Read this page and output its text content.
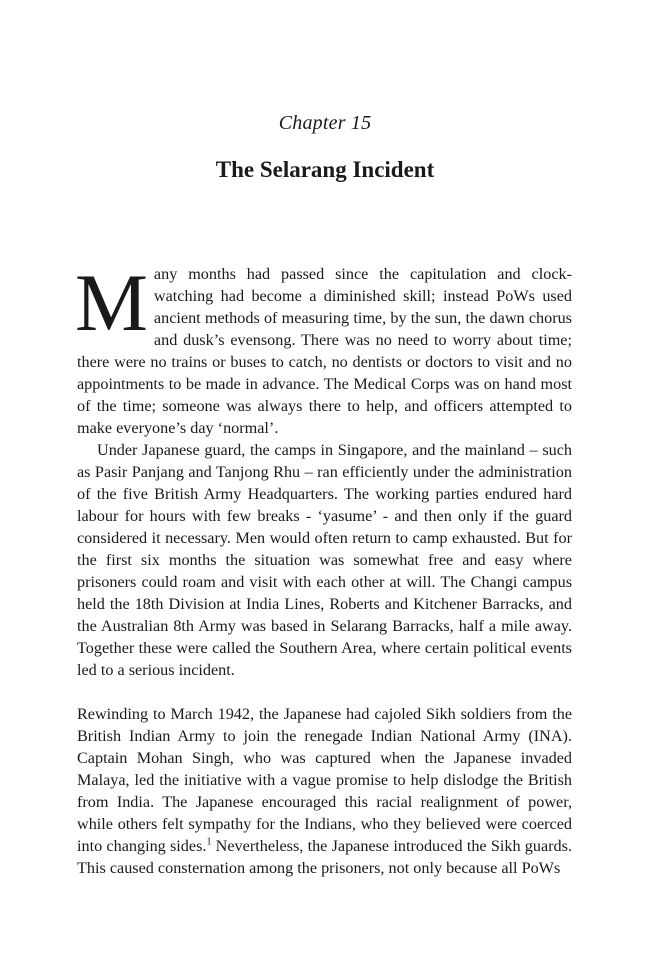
Chapter 15
The Selarang Incident

Many months had passed since the capitulation and clock-watching had become a diminished skill; instead PoWs used ancient methods of measuring time, by the sun, the dawn chorus and dusk’s evensong. There was no need to worry about time; there were no trains or buses to catch, no dentists or doctors to visit and no appointments to be made in advance. The Medical Corps was on hand most of the time; someone was always there to help, and officers attempted to make everyone’s day ‘normal’.

Under Japanese guard, the camps in Singapore, and the mainland – such as Pasir Panjang and Tanjong Rhu – ran efficiently under the administration of the five British Army Headquarters. The working parties endured hard labour for hours with few breaks - ‘yasume’ - and then only if the guard considered it necessary. Men would often return to camp exhausted. But for the first six months the situation was somewhat free and easy where prisoners could roam and visit with each other at will. The Changi campus held the 18th Division at India Lines, Roberts and Kitchener Barracks, and the Australian 8th Army was based in Selarang Barracks, half a mile away. Together these were called the Southern Area, where certain political events led to a serious incident.

Rewinding to March 1942, the Japanese had cajoled Sikh soldiers from the British Indian Army to join the renegade Indian National Army (INA). Captain Mohan Singh, who was captured when the Japanese invaded Malaya, led the initiative with a vague promise to help dislodge the British from India. The Japanese encouraged this racial realignment of power, while others felt sympathy for the Indians, who they believed were coerced into changing sides.$^1$ Nevertheless, the Japanese introduced the Sikh guards. This caused consternation among the prisoners, not only because all PoWs
